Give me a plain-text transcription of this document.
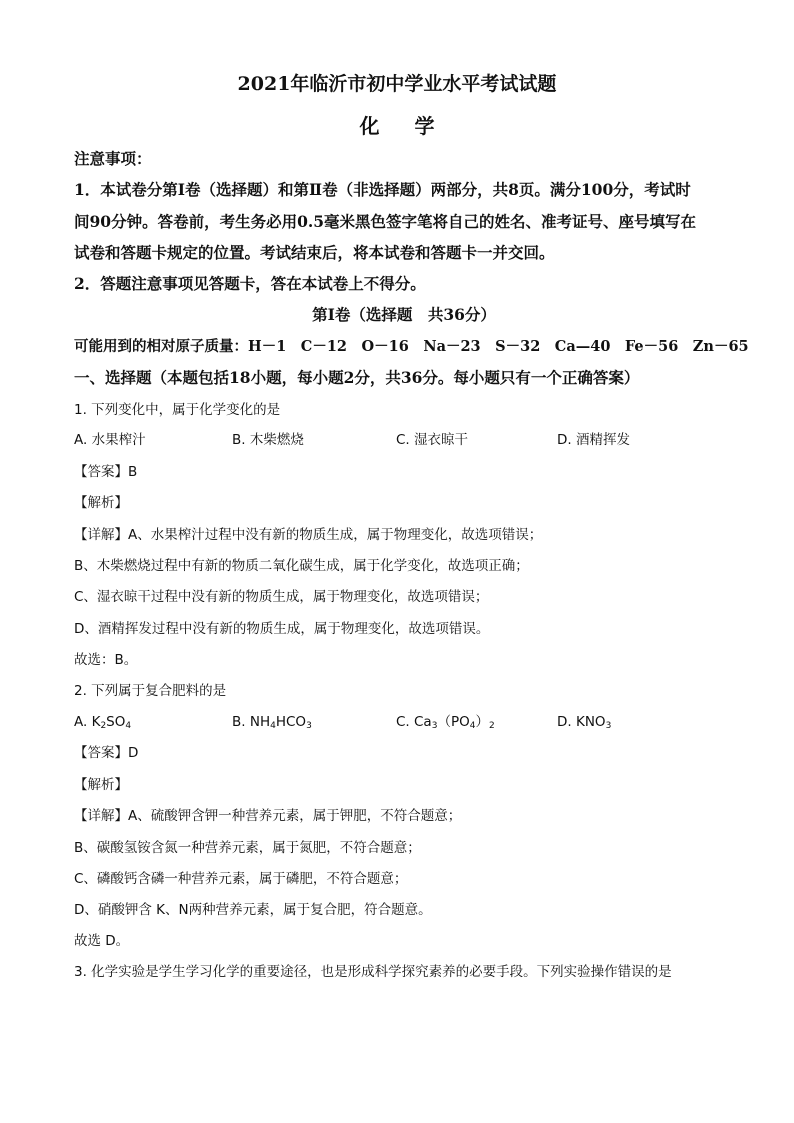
2021年临沂市初中学业水平考试试题
化 学
注意事项：
1．本试卷分第Ⅰ卷（选择题）和第Ⅱ卷（非选择题）两部分，共8页。满分100分，考试时
间90分钟。答卷前，考生务必用0.5毫米黑色签字笔将自己的姓名、准考证号、座号填写在
试卷和答题卡规定的位置。考试结束后，将本试卷和答题卡一并交回。
2．答题注意事项见答题卡，答在本试卷上不得分。
第Ⅰ卷（选择题　共36分）
可能用到的相对原子质量：H－1　C－12　O－16　Na－23　S－32　Ca—40　Fe－56　Zn－65
一、选择题（本题包括18小题，每小题2分，共36分。每小题只有一个正确答案）
1. 下列变化中，属于化学变化的是
A. 水果榨汁	B. 木柴燃烧	C. 湿衣晾干	D. 酒精挥发
【答案】B
【解析】
【详解】A、水果榨汁过程中没有新的物质生成，属于物理变化，故选项错误；
B、木柴燃烧过程中有新的物质二氧化碳生成，属于化学变化，故选项正确；
C、湿衣晾干过程中没有新的物质生成，属于物理变化，故选项错误；
D、酒精挥发过程中没有新的物质生成，属于物理变化，故选项错误。
故选：B。
2. 下列属于复合肥料的是
A. $K_2SO_4$	B. $NH_4HCO_3$	C. $Ca_3(PO_4)_2$	D. $KNO_3$
【答案】D
【解析】
【详解】A、硫酸钾含钾一种营养元素，属于钾肥，不符合题意；
B、碳酸氢铵含氮一种营养元素，属于氮肥，不符合题意；
C、磷酸钙含磷一种营养元素，属于磷肥，不符合题意；
D、硝酸钾含 K、N两种营养元素，属于复合肥，符合题意。
故选 D。
3. 化学实验是学生学习化学的重要途径，也是形成科学探究素养的必要手段。下列实验操作错误的是
